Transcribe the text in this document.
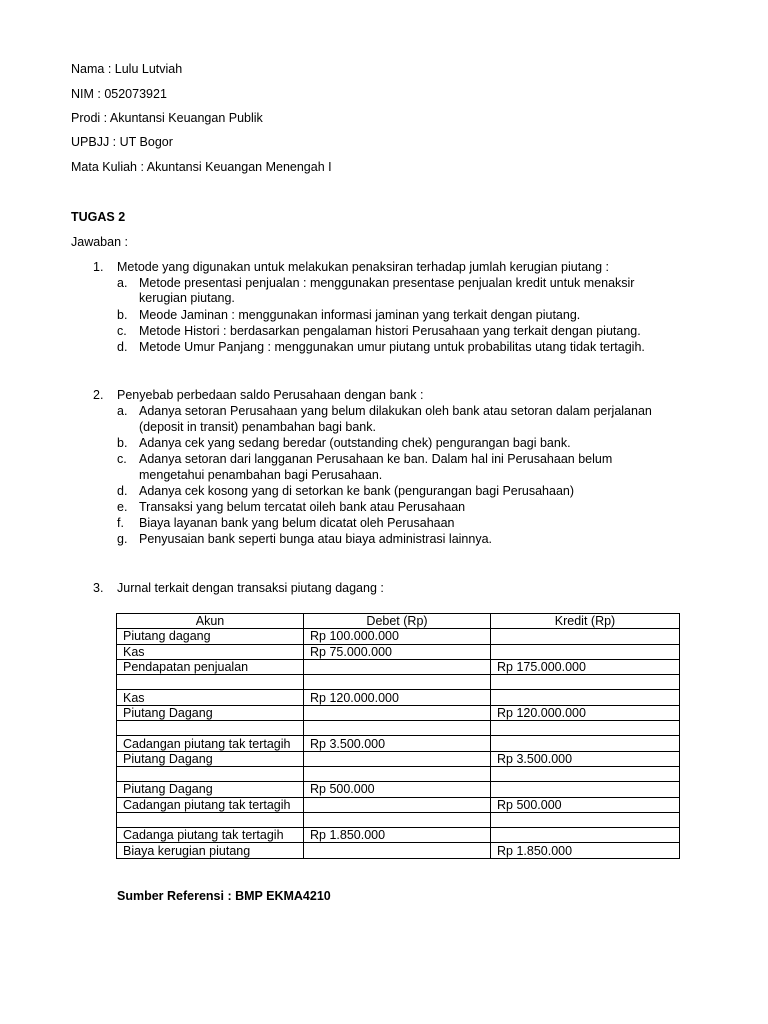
Nama : Lulu Lutviah
NIM : 052073921
Prodi : Akuntansi Keuangan Publik
UPBJJ : UT Bogor
Mata Kuliah : Akuntansi Keuangan Menengah I
TUGAS 2
Jawaban :
1. Metode yang digunakan untuk melakukan penaksiran terhadap jumlah kerugian piutang :
a. Metode presentasi penjualan : menggunakan presentase penjualan kredit untuk menaksir
kerugian piutang.
b. Meode Jaminan : menggunakan informasi jaminan yang terkait dengan piutang.
c. Metode Histori : berdasarkan pengalaman histori Perusahaan yang terkait dengan piutang.
d. Metode Umur Panjang : menggunakan umur piutang untuk probabilitas utang tidak tertagih.
2. Penyebab perbedaan saldo Perusahaan dengan bank :
a. Adanya setoran Perusahaan yang belum dilakukan oleh bank atau setoran dalam perjalanan
(deposit in transit) penambahan bagi bank.
b. Adanya cek yang sedang beredar (outstanding chek) pengurangan bagi bank.
c. Adanya setoran dari langganan Perusahaan ke ban. Dalam hal ini Perusahaan belum
mengetahui penambahan bagi Perusahaan.
d. Adanya cek kosong yang di setorkan ke bank (pengurangan bagi Perusahaan)
e. Transaksi yang belum tercatat oileh bank atau Perusahaan
f. Biaya layanan bank yang belum dicatat oleh Perusahaan
g. Penyusaian bank seperti bunga atau biaya administrasi lainnya.
3. Jurnal terkait dengan transaksi piutang dagang :
Akun	Debet (Rp)	Kredit (Rp)
Piutang dagang	Rp 100.000.000	
Kas	Rp 75.000.000	
Pendapatan penjualan		Rp 175.000.000

Kas	Rp 120.000.000	
Piutang Dagang		Rp 120.000.000

Cadangan piutang tak tertagih	Rp 3.500.000	
Piutang Dagang		Rp 3.500.000

Piutang Dagang	Rp 500.000	
Cadangan piutang tak tertagih		Rp 500.000

Cadanga piutang tak tertagih	Rp 1.850.000	
Biaya kerugian piutang		Rp 1.850.000
Sumber Referensi : BMP EKMA4210
